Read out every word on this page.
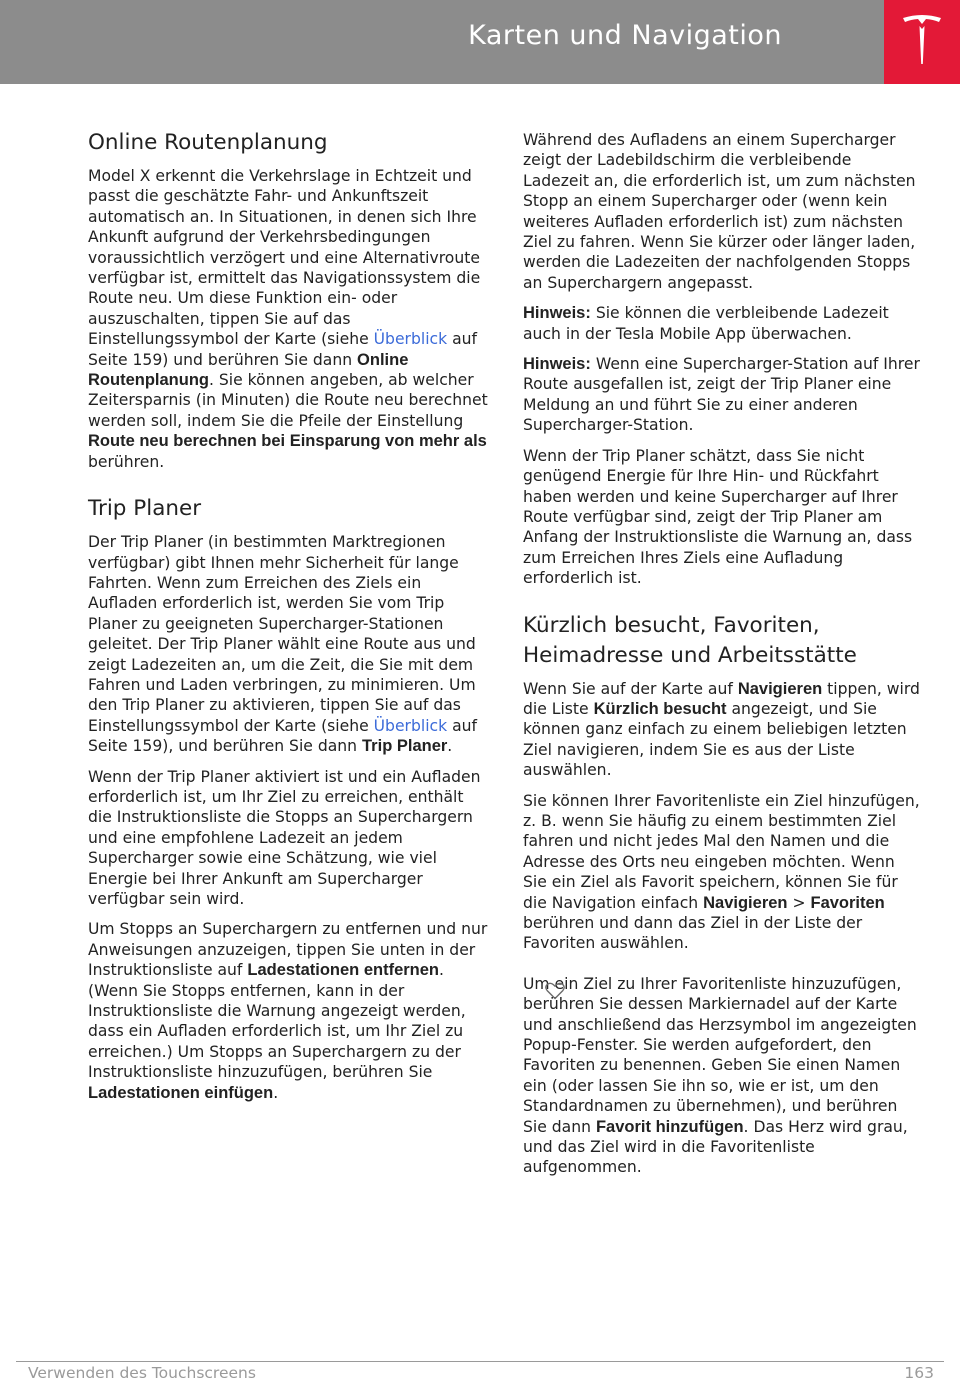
Karten und Navigation
Online Routenplanung

Model X erkennt die Verkehrslage in Echtzeit und passt die geschätzte Fahr- und Ankunftszeit automatisch an. In Situationen, in denen sich Ihre Ankunft aufgrund der Verkehrsbedingungen voraussichtlich verzögert und eine Alternativroute verfügbar ist, ermittelt das Navigationssystem die Route neu. Um diese Funktion ein- oder auszuschalten, tippen Sie auf das Einstellungssymbol der Karte (siehe Überblick auf Seite 159) und berühren Sie dann Online Routenplanung. Sie können angeben, ab welcher Zeitersparnis (in Minuten) die Route neu berechnet werden soll, indem Sie die Pfeile der Einstellung Route neu berechnen bei Einsparung von mehr als berühren.

Trip Planer

Der Trip Planer (in bestimmten Marktregionen verfügbar) gibt Ihnen mehr Sicherheit für lange Fahrten. Wenn zum Erreichen des Ziels ein Aufladen erforderlich ist, werden Sie vom Trip Planer zu geeigneten Supercharger-Stationen geleitet. Der Trip Planer wählt eine Route aus und zeigt Ladezeiten an, um die Zeit, die Sie mit dem Fahren und Laden verbringen, zu minimieren. Um den Trip Planer zu aktivieren, tippen Sie auf das Einstellungssymbol der Karte (siehe Überblick auf Seite 159), und berühren Sie dann Trip Planer.

Wenn der Trip Planer aktiviert ist und ein Aufladen erforderlich ist, um Ihr Ziel zu erreichen, enthält die Instruktionsliste die Stopps an Superchargern und eine empfohlene Ladezeit an jedem Supercharger sowie eine Schätzung, wie viel Energie bei Ihrer Ankunft am Supercharger verfügbar sein wird.

Um Stopps an Superchargern zu entfernen und nur Anweisungen anzuzeigen, tippen Sie unten in der Instruktionsliste auf Ladestationen entfernen. (Wenn Sie Stopps entfernen, kann in der Instruktionsliste die Warnung angezeigt werden, dass ein Aufladen erforderlich ist, um Ihr Ziel zu erreichen.) Um Stopps an Superchargern zu der Instruktionsliste hinzuzufügen, berühren Sie Ladestationen einfügen.

Während des Aufladens an einem Supercharger zeigt der Ladebildschirm die verbleibende Ladezeit an, die erforderlich ist, um zum nächsten Stopp an einem Supercharger oder (wenn kein weiteres Aufladen erforderlich ist) zum nächsten Ziel zu fahren. Wenn Sie kürzer oder länger laden, werden die Ladezeiten der nachfolgenden Stopps an Superchargern angepasst.

Hinweis: Sie können die verbleibende Ladezeit auch in der Tesla Mobile App überwachen.

Hinweis: Wenn eine Supercharger-Station auf Ihrer Route ausgefallen ist, zeigt der Trip Planer eine Meldung an und führt Sie zu einer anderen Supercharger-Station.

Wenn der Trip Planer schätzt, dass Sie nicht genügend Energie für Ihre Hin- und Rückfahrt haben werden und keine Supercharger auf Ihrer Route verfügbar sind, zeigt der Trip Planer am Anfang der Instruktionsliste die Warnung an, dass zum Erreichen Ihres Ziels eine Aufladung erforderlich ist.

Kürzlich besucht, Favoriten, Heimadresse und Arbeitsstätte

Wenn Sie auf der Karte auf Navigieren tippen, wird die Liste Kürzlich besucht angezeigt, und Sie können ganz einfach zu einem beliebigen letzten Ziel navigieren, indem Sie es aus der Liste auswählen.

Sie können Ihrer Favoritenliste ein Ziel hinzufügen, z. B. wenn Sie häufig zu einem bestimmten Ziel fahren und nicht jedes Mal den Namen und die Adresse des Orts neu eingeben möchten. Wenn Sie ein Ziel als Favorit speichern, können Sie für die Navigation einfach Navigieren > Favoriten berühren und dann das Ziel in der Liste der Favoriten auswählen.

Um ein Ziel zu Ihrer Favoritenliste hinzuzufügen, berühren Sie dessen Markiernadel auf der Karte und anschließend das Herzsymbol im angezeigten Popup-Fenster. Sie werden aufgefordert, den Favoriten zu benennen. Geben Sie einen Namen ein (oder lassen Sie ihn so, wie er ist, um den Standardnamen zu übernehmen), und berühren Sie dann Favorit hinzufügen. Das Herz wird grau, und das Ziel wird in die Favoritenliste aufgenommen.

Verwenden des Touchscreens	163
